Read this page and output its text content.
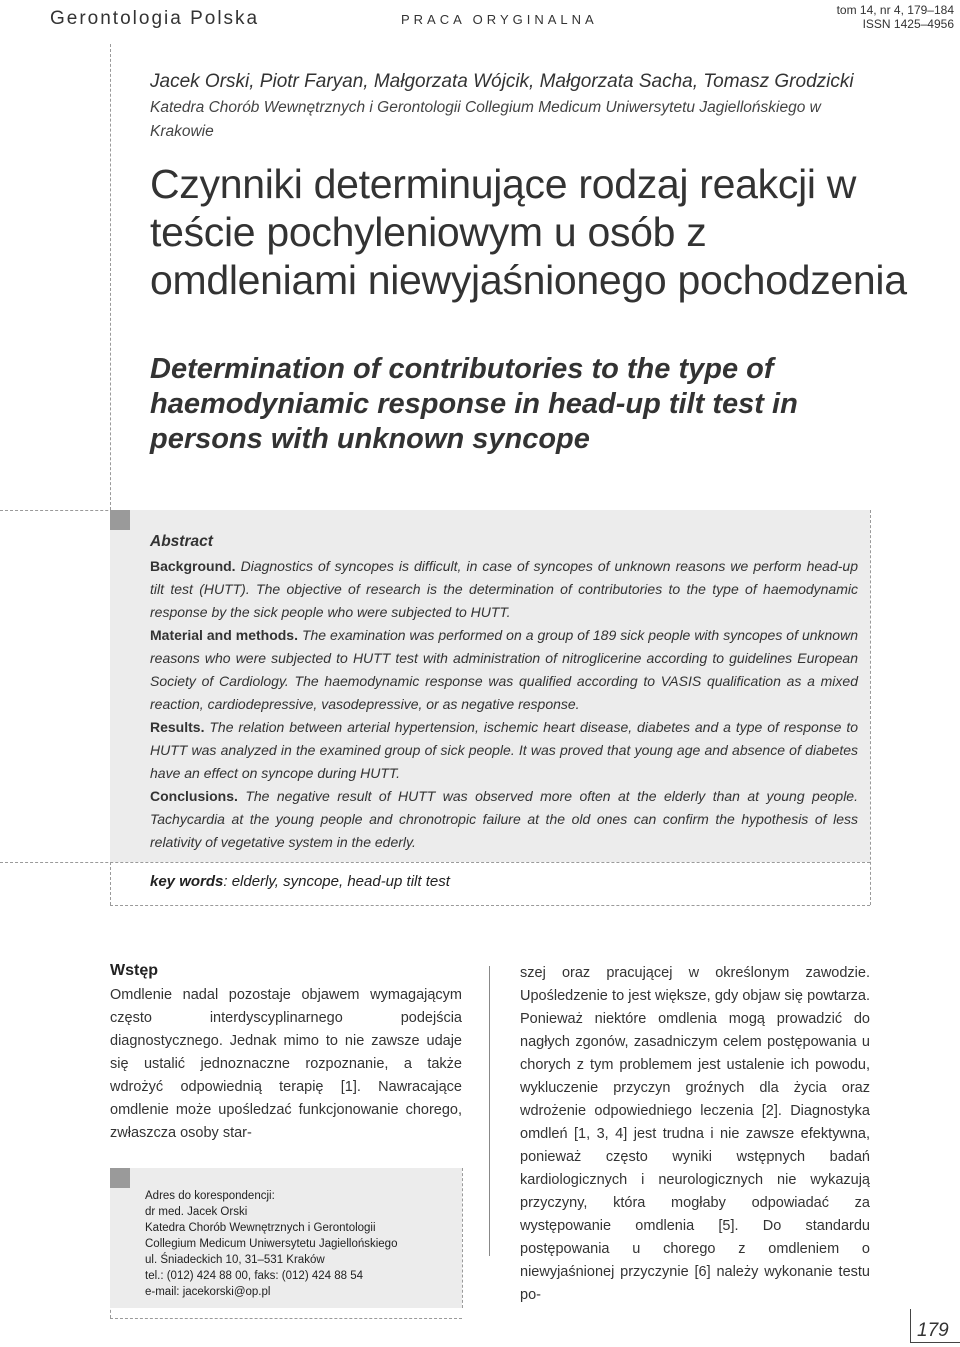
Gerontologia Polska	PRACA ORYGINALNA
tom 14, nr 4, 179–184
ISSN 1425–4956
Jacek Orski, Piotr Faryan, Małgorzata Wójcik, Małgorzata Sacha, Tomasz Grodzicki
Katedra Chorób Wewnętrznych i Gerontologii Collegium Medicum Uniwersytetu Jagiellońskiego w Krakowie
Czynniki determinujące rodzaj reakcji w teście pochyleniowym u osób z omdleniami niewyjaśnionego pochodzenia
Determination of contributories to the type of haemodyniamic response in head-up tilt test in persons with unknown syncope
Abstract
Background. Diagnostics of syncopes is difficult, in case of syncopes of unknown reasons we perform head-up tilt test (HUTT). The objective of research is the determination of contributories to the type of haemodynamic response by the sick people who were subjected to HUTT.
Material and methods. The examination was performed on a group of 189 sick people with syncopes of unknown reasons who were subjected to HUTT test with administration of nitroglicerine according to guidelines European Society of Cardiology. The haemodynamic response was qualified according to VASIS qualification as a mixed reaction, cardiodepressive, vasodepressive, or as negative response.
Results. The relation between arterial hypertension, ischemic heart disease, diabetes and a type of response to HUTT was analyzed in the examined group of sick people. It was proved that young age and absence of diabetes have an effect on syncope during HUTT.
Conclusions. The negative result of HUTT was observed more often at the elderly than at young people. Tachycardia at the young people and chronotropic failure at the old ones can confirm the hypothesis of less relativity of vegetative system in the ederly.
key words: elderly, syncope, head-up tilt test
Wstęp
Omdlenie nadal pozostaje objawem wymagającym często interdyscyplinarnego podejścia diagnostycznego. Jednak mimo to nie zawsze udaje się ustalić jednoznaczne rozpoznanie, a także wdrożyć odpowiednią terapię [1]. Nawracające omdlenie może upośledzać funkcjonowanie chorego, zwłaszcza osoby star-
szej oraz pracującej w określonym zawodzie. Upośledzenie to jest większe, gdy objaw się powtarza. Ponieważ niektóre omdlenia mogą prowadzić do nagłych zgonów, zasadniczym celem postępowania u chorych z tym problemem jest ustalenie ich powodu, wykluczenie przyczyn groźnych dla życia oraz wdrożenie odpowiedniego leczenia [2]. Diagnostyka omdleń [1, 3, 4] jest trudna i nie zawsze efektywna, ponieważ często wyniki wstępnych badań kardiologicznych i neurologicznych nie wykazują przyczyny, która mogłaby odpowiadać za występowanie omdlenia [5]. Do standardu postępowania u chorego z omdleniem o niewyjaśnionej przyczynie [6] należy wykonanie testu po-
Adres do korespondencji:
dr med. Jacek Orski
Katedra Chorób Wewnętrznych i Gerontologii
Collegium Medicum Uniwersytetu Jagiellońskiego
ul. Śniadeckich 10, 31–531 Kraków
tel.: (012) 424 88 00, faks: (012) 424 88 54
e-mail: jacekorski@op.pl
179
